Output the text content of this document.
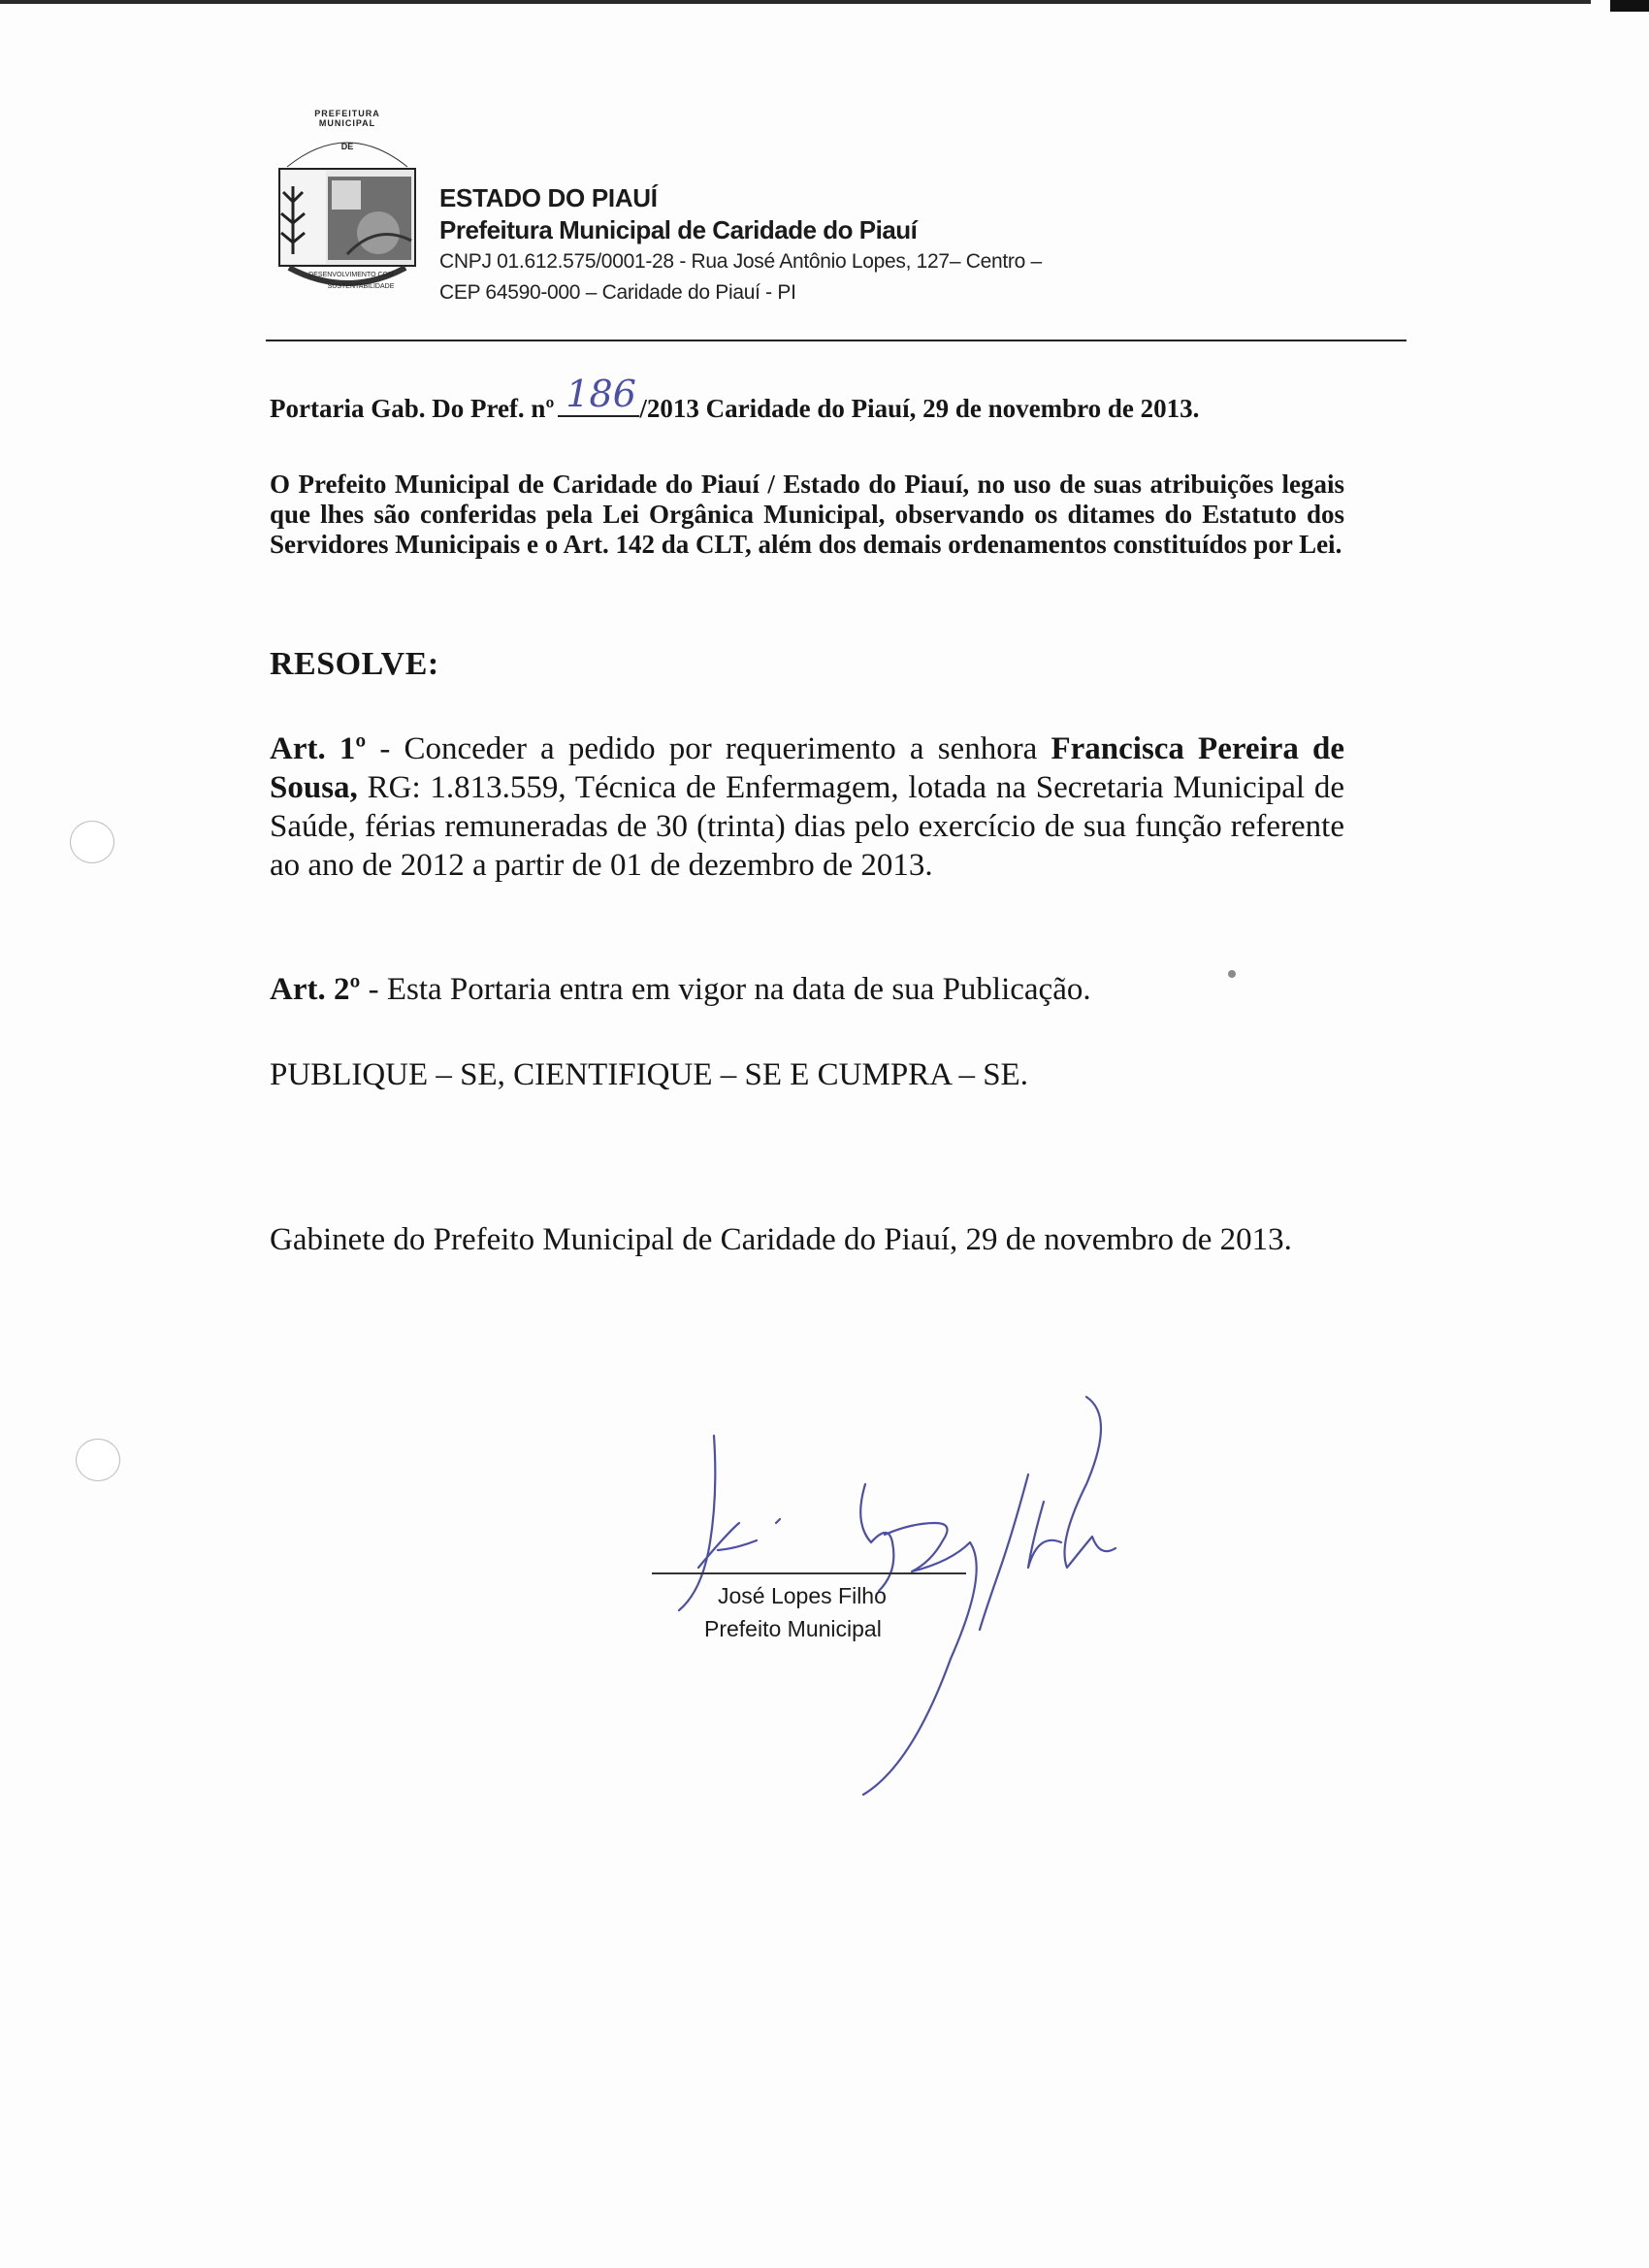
PREFEITURA MUNICIPAL
DE
DESENVOLVIMENTO COM
SUSTENTABILIDADE
ESTADO DO PIAUÍ
Prefeitura Municipal de Caridade do Piauí
CNPJ 01.612.575/0001-28 - Rua José Antônio Lopes, 127– Centro –
CEP 64590-000 – Caridade do Piauí - PI
Portaria Gab. Do Pref. nº 186 /2013 Caridade do Piauí, 29 de novembro de 2013.
O Prefeito Municipal de Caridade do Piauí / Estado do Piauí, no uso de suas atribuições legais que lhes são conferidas pela Lei Orgânica Municipal, observando os ditames do Estatuto dos Servidores Municipais e o Art. 142 da CLT, além dos demais ordenamentos constituídos por Lei.
RESOLVE:
Art. 1º - Conceder a pedido por requerimento a senhora Francisca Pereira de Sousa, RG: 1.813.559, Técnica de Enfermagem, lotada na Secretaria Municipal de Saúde, férias remuneradas de 30 (trinta) dias pelo exercício de sua função referente ao ano de 2012 a partir de 01 de dezembro de 2013.
Art. 2º - Esta Portaria entra em vigor na data de sua Publicação.
PUBLIQUE – SE, CIENTIFIQUE – SE E CUMPRA – SE.
Gabinete do Prefeito Municipal de Caridade do Piauí, 29 de novembro de 2013.
José Lopes Filho
Prefeito Municipal
